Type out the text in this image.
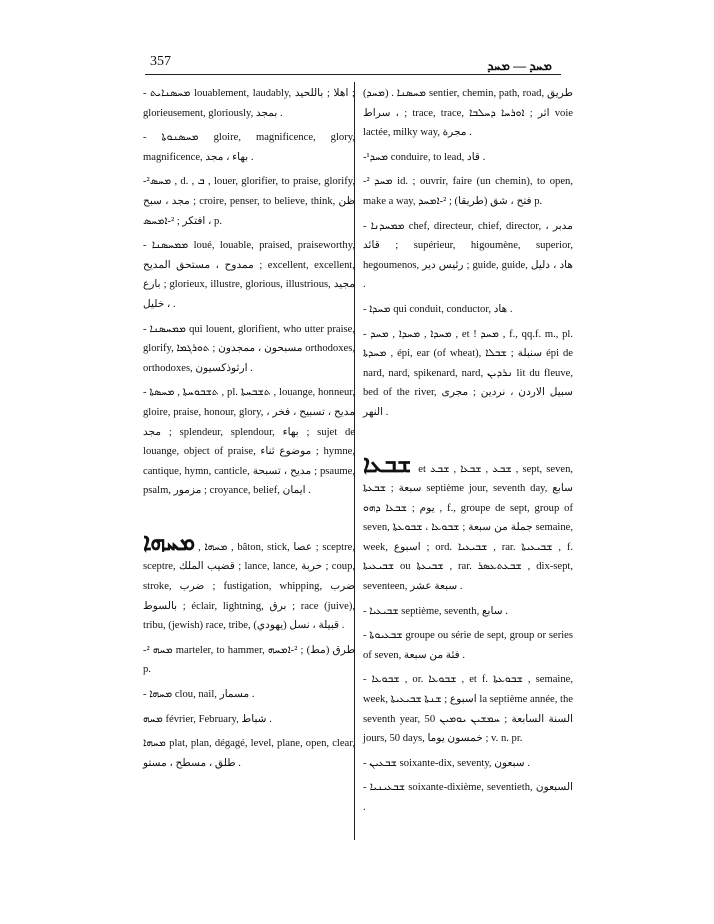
357	ܡܚܕ — ܡܚܕ
- ܡܚܣܢܐܝܬ louablement, laudably, اهلا ; باللحيد ; glorieusement, gloriously, بمجد .
- ܡܚܣܢܘܬܐ gloire, magnificence, glory, magnificence, بهاء ، مجد .
-²ܡܚܣ , d. , ܒ , louer, glorifier, to praise, glorify, مجد ، سبح ; croire, penser, to believe, think, ظن ، افتكر ; ²-ܐܡܚܣ p.
- ܡܡܚܣܢܐ loué, louable, praised, praiseworthy, ممدوح ، مستحق المديح ; excellent, excellent, بارع ; glorieux, illustre, glorious, illustrious, مجيد ، خليل .
- ܡܡܚܣܢܐ qui louent, glorifient, who utter praise, glorify, مسبحون ، ممجدون ; ܬܘܪܓܡܐ orthodoxes, orthodoxes, ارثوذكسيون .
- ܬܫܒܘܚܬܐ , ܡܚܣܬܐ , pl. ܬܫܒܚܬܐ , louange, honneur, gloire, praise, honour, glory, مديح ، تسبيح ، فخر ، مجد ; splendeur, splendour, بهاء ; sujet de louange, object of praise, موضوع ثناء ; hymne, cantique, hymn, canticle, مديح ، تسبحة ; psaume, psalm, مزمور ; croyance, belief, ايمان .
ܡܚܗܐ , ܡܚܗܐ , bâton, stick, عصا ; sceptre, sceptre, قضيب الملك ; lance, lance, حربة ; coup, stroke, ضرب ; fustigation, whipping, ضرب بالسوط ; éclair, lightning, برق ; race (juive), tribu, (jewish) race, tribe, قبيلة ، نسل (يهودي) .
-² ܡܚܗ marteler, to hammer, طرق (مط) ; ²-ܐܡܚܗ p.
- ܡܚܗܐ clou, nail, مسمار .
ܡܚܗ février, February, شباط .
ܡܚܗܐ plat, plan, dégagé, level, plane, open, clear, طلق ، مسطح ، مستو .
(ܡܚܕ) . ܡܚܣܢܐ sentier, chemin, path, road, طريق ، سراط ; trace, trace, اثر ; ܐܘܪܚܐ ܕܚܠܒܐ voie lactée, milky way, مجرة .
-¹ܡܚܕ conduire, to lead, قاد .
-² ܡܚܕ id. ; ouvrir, faire (un chemin), to open, make a way, فتح ، شق (طريقا) ; ²-ܐܡܚܕ p.
- ܡܡܚܕܢܐ chef, directeur, chief, director, مدبر ، قائد ; supérieur, higoumène, superior, hegoumenos, رئيس دير ; guide, guide, هاد ، دليل .
- ܡܚܕܐ qui conduit, conductor, هاد .
- ܡܚܕܐ , ܡܚܕܐ , ܡܚܕ , et ! ܡܚܕ , f., qq.f. m., pl. ܡܚܕܬܐ , épi, ear (of wheat), سنبلة ; ܫܒܠܐ épi de nard, nard, spikenard, nard, ܢܪܕܝܢ lit du fleuve, bed of the river, سبيل الاردن ، نردين ; مجرى النهر .
ܫܒܥܐ et ܫܒܥ , ܫܒܥܐ , ܫܒܥ , sept, seven, سبعة ; ܫܒܥܬܐ septième jour, seventh day, سابع يوم ; ܫܒܥܐ ܕܗܘ , f., groupe de sept, group of seven, جملة من سبعة ; ܫܒܘܥܐ ، ܫܒܘܥܬܐ semaine, week, اسبوع ; ord. ܫܒܝܥܝܐ , rar. ܫܒܝܥܝܬܐ , f. ܫܒܝܥܝܬܐ ou ܫܒܝܥܬܐ , rar. ܫܒܥܬܥܣܪ , dix-sept, seventeen, سبعة عشر .
- ܫܒܝܥܝܐ septième, seventh, سابع .
- ܫܒܥܝܘܬܐ groupe ou série de sept, group or series of seven, فئة من سبعة .
- ܫܒܘܥܐ , or. ܫܒܘܥܐ , et f. ܫܒܘܥܬܐ , semaine, week, اسبوع ; ܫܢܬܐ ܫܒܝܥܝܬܐ la septième année, the seventh year, السنة السابعة ; ܚܡܫܝܢ ܝܘܡܝܢ 50 jours, 50 days, خمسون يوما ; v. n. pr.
- ܫܒܥܝܢ soixante-dix, seventy, سبعون .
- ܫܒܥܝܢܝܐ soixante-dixième, seventieth, السبعون .
